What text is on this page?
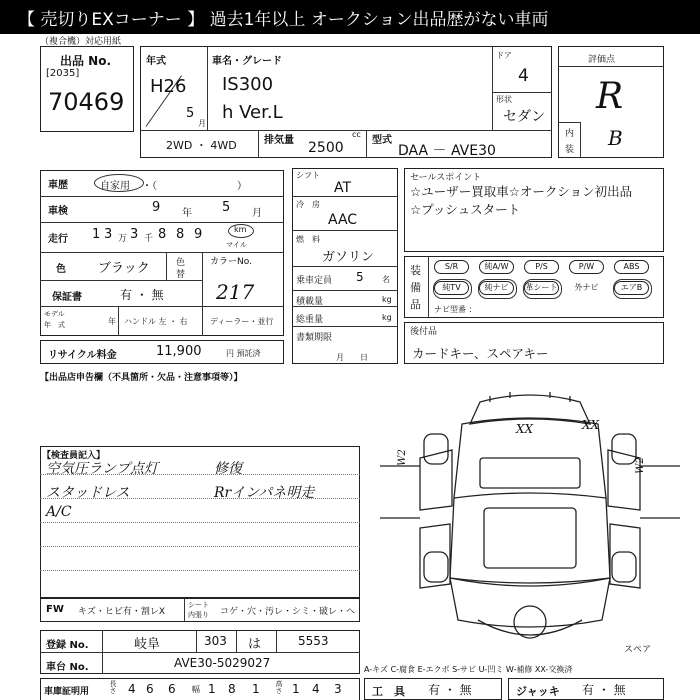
【 売切りEXコーナー 】 過去1年以上 オークション出品歴がない車両
（複合機）対応用紙
出品 No.
[2035]
70469
年式
H26
5
月
車名・グレード
IS300
h Ver.L
ドア
4
形状
セダン
2WD ・ 4WD	排気量
cc
2500	型式
DAA － AVE30
評価点
R
内
装 B
車歴	自家用 ・（　　　　　　　　）
車検	9 年 5 月
走行 1 3 万 3 千 8 8 9	km
マイル
色 ブラック	色
替
カラーNo.
217
保証書	有 ・ 無
モデル
年　式	年 ハンドル 左 ・ 右	ディーラー・並行
リサイクル料金	11,900	円 預託済
シフト
AT
冷　房
AAC
燃　料
ガソリン
乗車定員 5 名
積載量	kg
総重量	kg
書類期限
月　　日
セールスポイント
☆ユーザー買取車☆オークション初出品
☆プッシュスタート
装
備
品
S/R	純A/W	P/S	P/W	ABS
純TV	純ナビ	革シート	外ナビ	エアB
ナビ型番 ：
後付品
カードキー、スペアキー
【出品店申告欄（不具箇所・欠品・注意事項等）】
【検査員記入】
空気圧ランプ点灯	修復
スタッドレス	Rrインパネ明走
A/C
XX	XX
W2	W2
スペア
FW キズ・ヒビ有・割レX
シート
内張り コゲ・穴・汚レ・シミ・破レ・ヘ
登録 No.	岐阜	303 は	5553
車台 No.	AVE30-5029027	A-キズ C-腐食 E-エクボ S-サビ U-凹ミ W-補修 XX-交換済
車庫証明用	長さ 4 6 6 幅 1 8 1 高さ 1 4 3	工　具 有 ・ 無	ジャッキ 有 ・ 無
